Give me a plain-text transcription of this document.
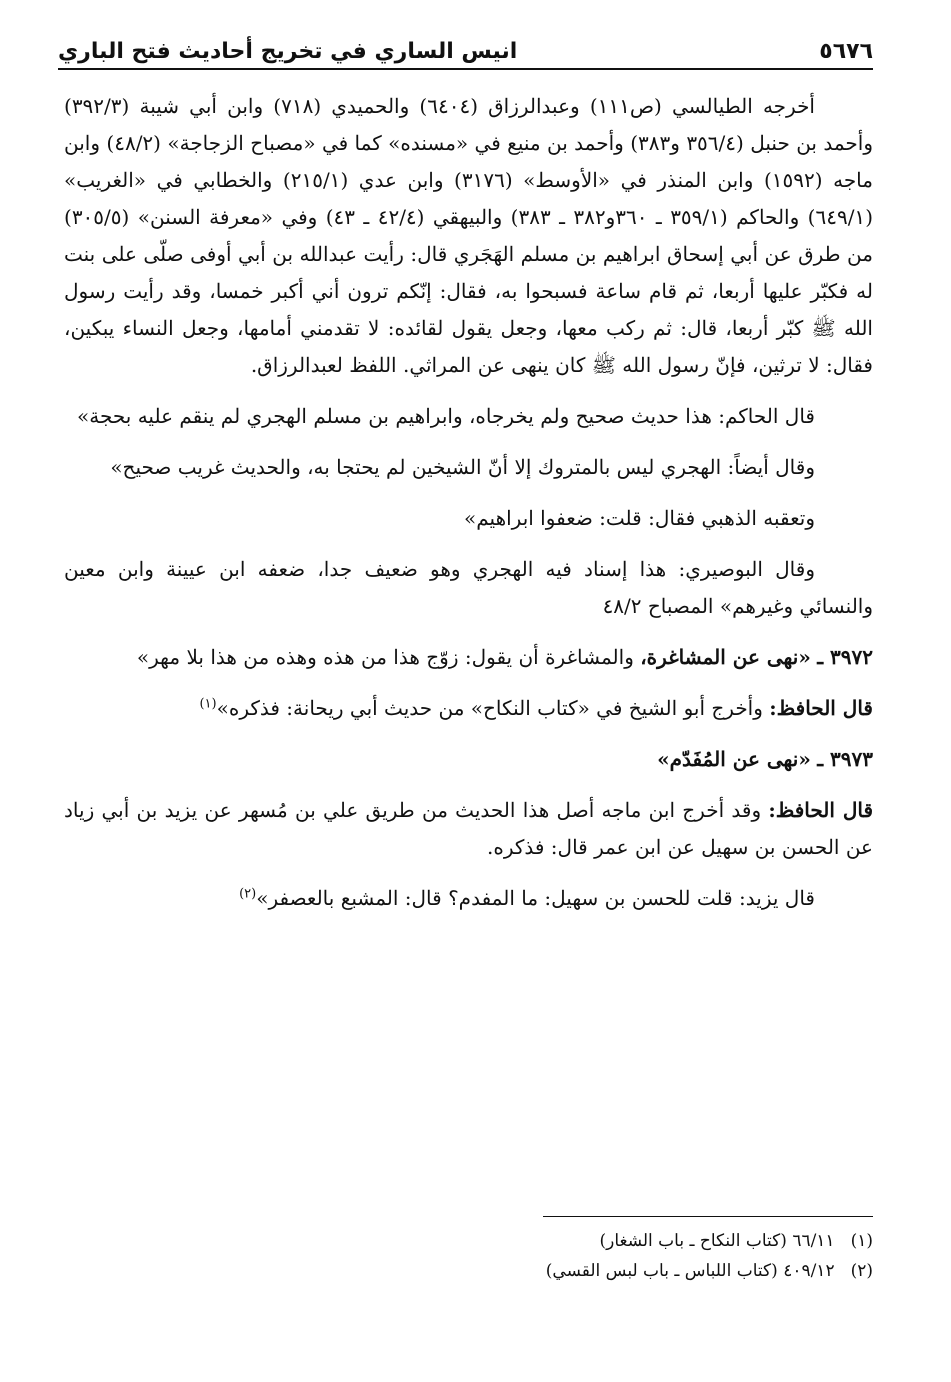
٥٦٧٦
انيس الساري في تخريج أحاديث فتح الباري

أخرجه الطيالسي (ص١١١) وعبدالرزاق (٦٤٠٤) والحميدي (٧١٨) وابن أبي شيبة (٣٩٢/٣) وأحمد بن حنبل (٣٥٦/٤ و٣٨٣) وأحمد بن منيع في «مسنده» كما في «مصباح الزجاجة» (٤٨/٢) وابن ماجه (١٥٩٢) وابن المنذر في «الأوسط» (٣١٧٦) وابن عدي (٢١٥/١) والخطابي في «الغريب» (٦٤٩/١) والحاكم (٣٥٩/١ ـ ٣٦٠و٣٨٢ ـ ٣٨٣) والبيهقي (٤٢/٤ ـ ٤٣) وفي «معرفة السنن» (٣٠٥/٥) من طرق عن أبي إسحاق ابراهيم بن مسلم الهَجَري قال: رأيت عبدالله بن أبي أوفى صلّى على بنت له فكبّر عليها أربعا، ثم قام ساعة فسبحوا به، فقال: إنّكم ترون أني أكبر خمسا، وقد رأيت رسول الله ﷺ كبّر أربعا، قال: ثم ركب معها، وجعل يقول لقائده: لا تقدمني أمامها، وجعل النساء يبكين، فقال: لا ترثين، فإنّ رسول الله ﷺ كان ينهى عن المراثي. اللفظ لعبدالرزاق.

قال الحاكم: هذا حديث صحيح ولم يخرجاه، وابراهيم بن مسلم الهجري لم ينقم عليه بحجة»

وقال أيضاً: الهجري ليس بالمتروك إلا أنّ الشيخين لم يحتجا به، والحديث غريب صحيح»

وتعقبه الذهبي فقال: قلت: ضعفوا ابراهيم»

وقال البوصيري: هذا إسناد فيه الهجري وهو ضعيف جدا، ضعفه ابن عيينة وابن معين والنسائي وغيرهم» المصباح ٤٨/٢

٣٩٧٢ ـ «نهى عن المشاغرة، والمشاغرة أن يقول: زوّج هذا من هذه وهذه من هذا بلا مهر»

قال الحافظ: وأخرج أبو الشيخ في «كتاب النكاح» من حديث أبي ريحانة: فذكره»$^{(١)}$

٣٩٧٣ ـ «نهى عن المُفَدّم»

قال الحافظ: وقد أخرج ابن ماجه أصل هذا الحديث من طريق علي بن مُسهر عن يزيد بن أبي زياد عن الحسن بن سهيل عن ابن عمر قال: فذكره.

قال يزيد: قلت للحسن بن سهيل: ما المفدم؟ قال: المشبع بالعصفر»$^{(٢)}$

(١)
٦٦/١١ (كتاب النكاح ـ باب الشغار)
(٢)
٤٠٩/١٢ (كتاب اللباس ـ باب لبس القسي)
